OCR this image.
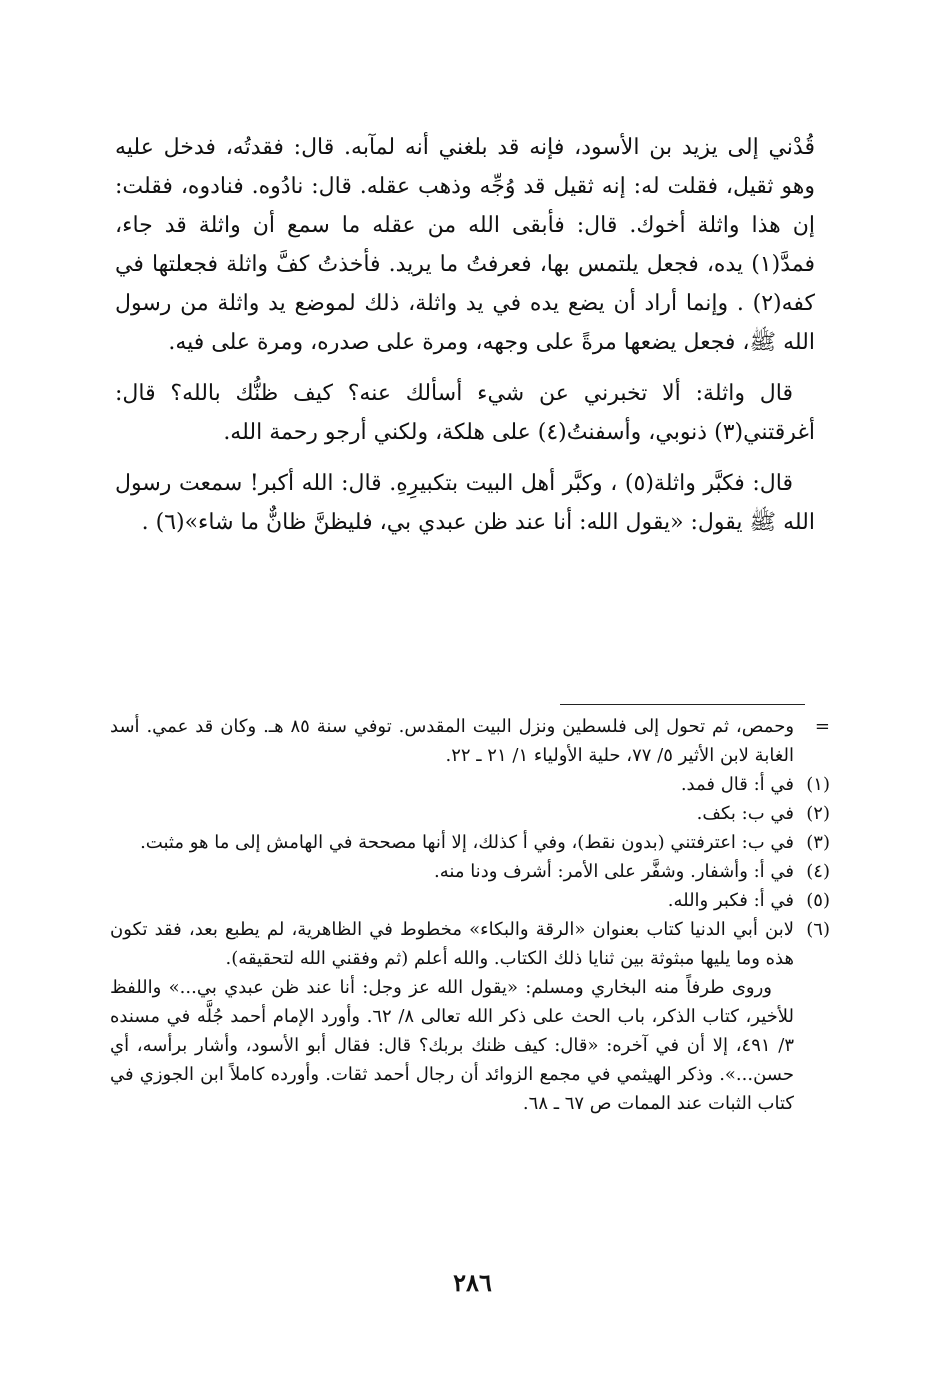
قُدْني إلى يزيد بن الأسود، فإنه قد بلغني أنه لمآبه. قال: فقدتُه، فدخل عليه وهو ثقيل، فقلت له: إنه ثقيل قد وُجِّه وذهب عقله. قال: نادُوه. فنادوه، فقلت: إن هذا واثلة أخوك. قال: فأبقى الله من عقله ما سمع أن واثلة قد جاء، فمدَّ(١) يده، فجعل يلتمس بها، فعرفتُ ما يريد. فأخذتُ كفَّ واثلة فجعلتها في كفه(٢) . وإنما أراد أن يضع يده في يد واثلة، ذلك لموضع يد واثلة من رسول الله ﷺ، فجعل يضعها مرةً على وجهه، ومرة على صدره، ومرة على فيه.

قال واثلة: ألا تخبرني عن شيء أسألك عنه؟ كيف ظنُّك بالله؟ قال: أغرقتني(٣) ذنوبي، وأسفنتُ(٤) على هلكة، ولكني أرجو رحمة الله.

قال: فكبَّر واثلة(٥) ، وكبَّر أهل البيت بتكبيرِهِ. قال: الله أكبر! سمعت رسول الله ﷺ يقول: «يقول الله: أنا عند ظن عبدي بي، فليظنَّ ظانٌّ ما شاء»(٦) .

=
وحمص، ثم تحول إلى فلسطين ونزل البيت المقدس. توفي سنة ٨٥ هـ. وكان قد عمي. أسد الغابة لابن الأثير ٥/ ٧٧، حلية الأولياء ١/ ٢١ ـ ٢٢.
(١)
في أ: قال فمد.
(٢)
في ب: بكف.
(٣)
في ب: اعترفتني (بدون نقط)، وفي أ كذلك، إلا أنها مصححة في الهامش إلى ما هو مثبت.
(٤)
في أ: وأشفار. وشفَّر على الأمر: أشرف ودنا منه.
(٥)
في أ: فكبر والله.
(٦)
لابن أبي الدنيا كتاب بعنوان «الرقة والبكاء» مخطوط في الظاهرية، لم يطبع بعد، فقد تكون هذه وما يليها مبثوثة بين ثنايا ذلك الكتاب. والله أعلم (ثم وفقني الله لتحقيقه).
وروى طرفاً منه البخاري ومسلم: «يقول الله عز وجل: أنا عند ظن عبدي بي...» واللفظ للأخير، كتاب الذكر، باب الحث على ذكر الله تعالى ٨/ ٦٢. وأورد الإمام أحمد جُلَّه في مسنده ٣/ ٤٩١، إلا أن في آخره: «قال: كيف ظنك بربك؟ قال: فقال أبو الأسود، وأشار برأسه، أي حسن...». وذكر الهيثمي في مجمع الزوائد أن رجال أحمد ثقات. وأورده كاملاً ابن الجوزي في كتاب الثبات عند الممات ص ٦٧ ـ ٦٨.
٢٨٦
